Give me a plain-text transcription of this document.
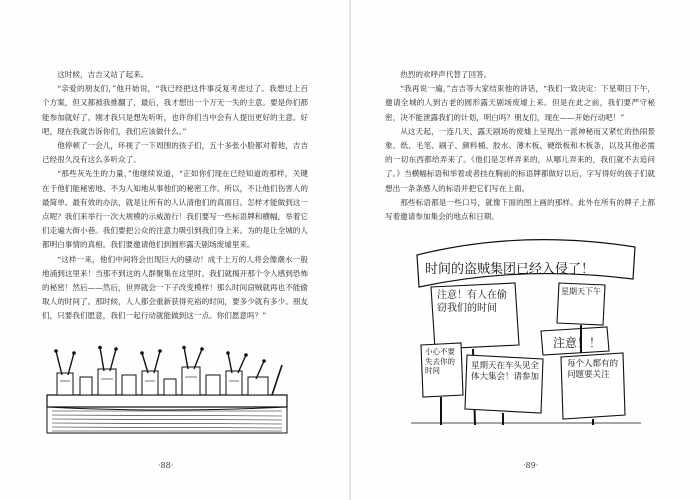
这时候，吉吉又站了起来。

“亲爱的朋友们，”他开始说，“我已经把这件事反复考虑过了。我想过上百个方案，但又都被我推翻了，最后，我才想出一个万无一失的主意。要是你们都能参加就好了。刚才我只是想先听听，也许你们当中会有人提出更好的主意。好吧，现在我就告诉你们，我们应该做什么。”

他停顿了一会儿，环视了一下周围的孩子们，五十多张小脸都对着他，吉吉已经很久没有这么多听众了。

“那些灰先生的力量，”他继续说道，“正如你们现在已经知道的那样，关键在于他们能秘密地、不为人知地从事他们的秘密工作。所以，不让他们伤害人的最简单、最有效的办法，就是让所有的人认清他们的真面目。怎样才能做到这一点呢？我们来举行一次大规模的示威游行！我们要写一些标语牌和横幅，举着它们走遍大街小巷。我们要把公众的注意力吸引到我们身上来。为的是让全城的人都明白事情的真相。我们要邀请他们到圆形露天剧场废墟里来。

“这样一来，他们中间将会出现巨大的骚动！成千上万的人将会像潮水一般地涌到这里来！当那不到这的人群聚集在这里时，我们就揭开那个令人感到恐怖的秘密！然后——然后，世界就会一下子改变模样！那么时间窃贼就再也不能偷取人的时间了。那时候，人人都会重新获得充裕的时间，要多少就有多少。朋友们，只要我们愿意，我们一起行动就能做到这一点。你们愿意吗？”

·88·

热烈的欢呼声代替了回答。

“我再说一遍，”吉吉等大家结束他的讲话，“我们一致决定：下星期日下午，邀请全城的人到古老的圆形露天剧场废墟上来。但是在此之前，我们要严守秘密，决不能泄露我们的计划，明白吗？朋友们，现在——开始行动吧！”

从这天起，一连几天，露天剧场的废墟上呈现出一派神秘而又紧忙的热闹景象。纸、毛笔、刷子、颜料桶、胶水、薄木板、硬纸板和木板条，以及其他必需的一切东西都给弄来了。《他们是怎样弄来的，从哪儿弄来的，我们就不去追问了。》当横幅标语和举着或者挂在胸前的标语牌都做好以后，字写得好的孩子们就想出一条条感人的标语并把它们写在上面。

那些标语都是一些口号，就像下面的图上画的那样。此外在所有的牌子上都写着邀请参加集会的地点和日期。

时间的盗贼集团已经入侵了！
注意！有人在偷窃我们的时间
星期天下午
注意！！
每个人都有的问题要关注
星期天在车头见全体大集会！请参加
小心不要失去你的时间
·89·
